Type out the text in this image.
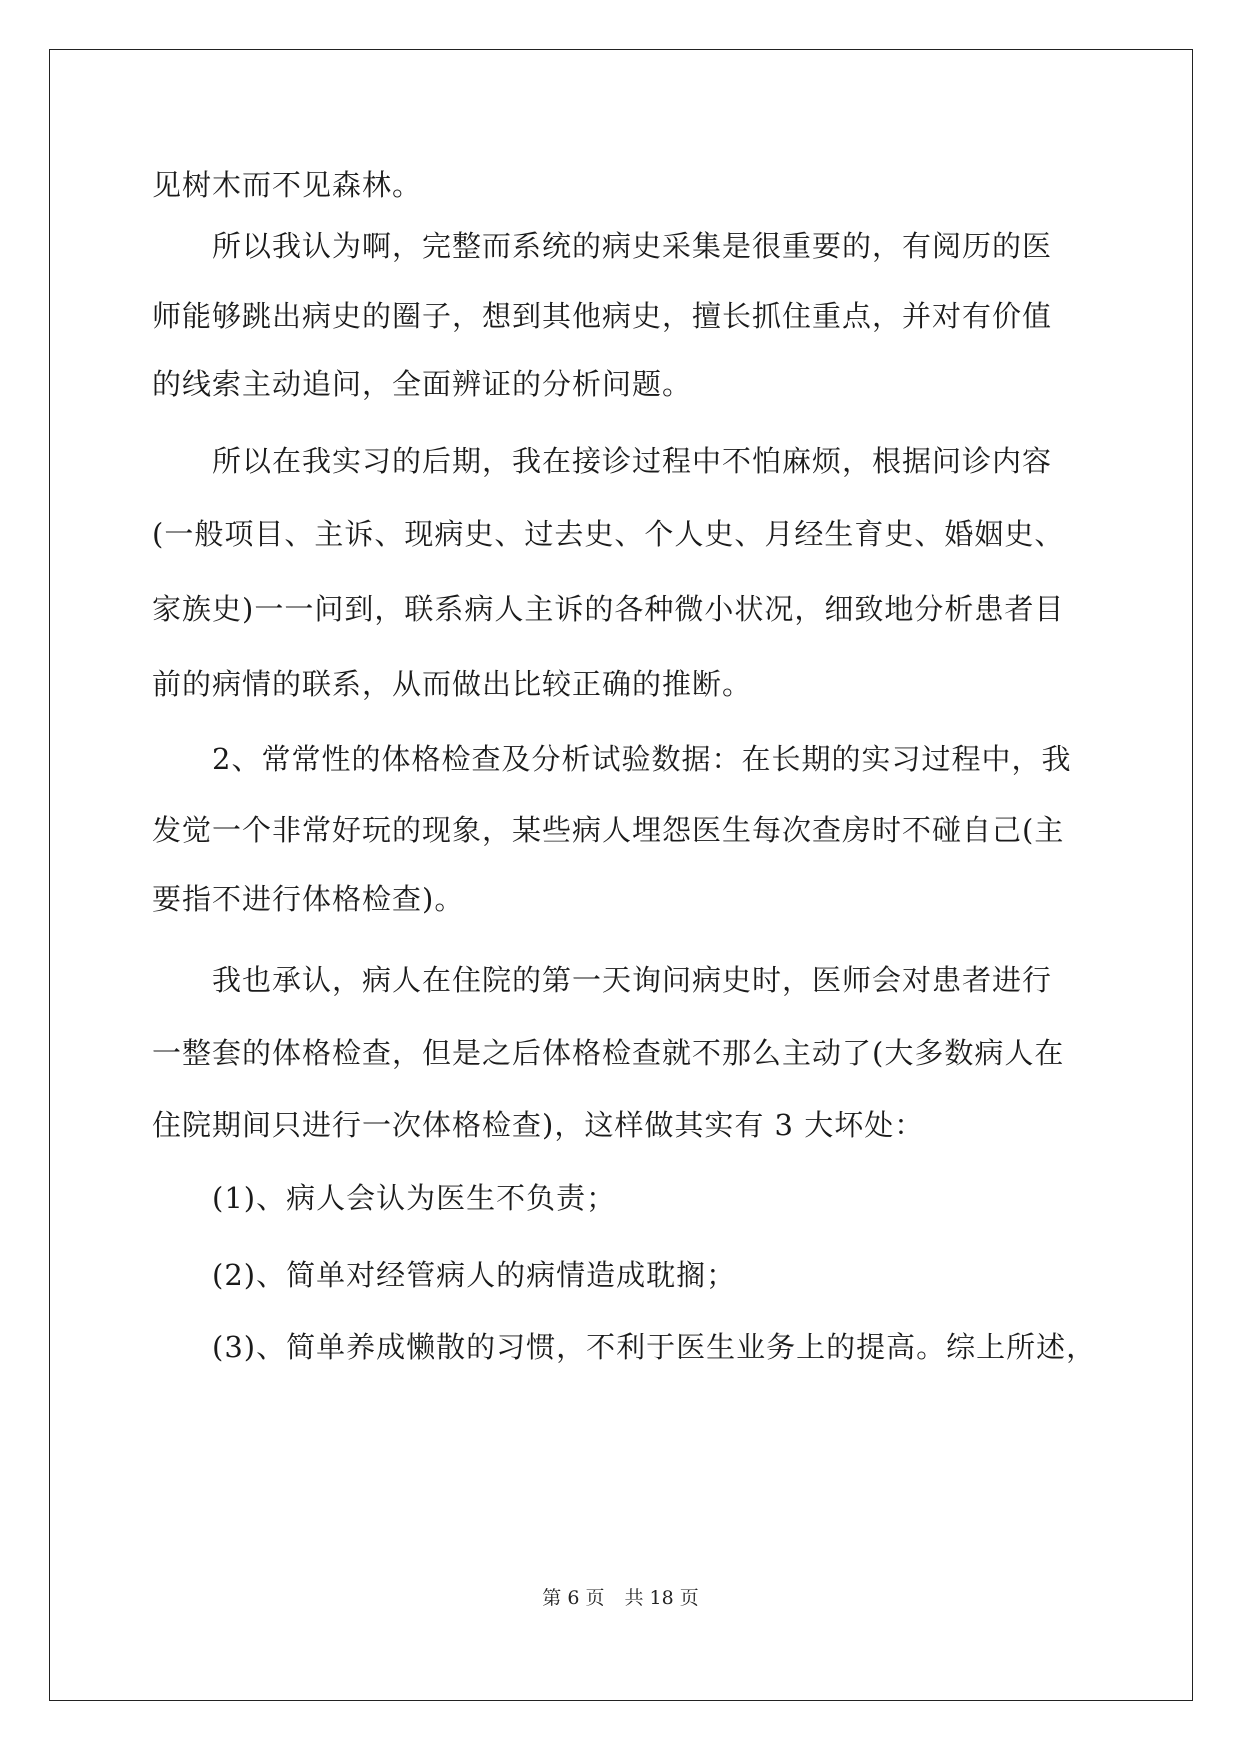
见树木而不见森林。
所以我认为啊，完整而系统的病史采集是很重要的，有阅历的医
师能够跳出病史的圈子，想到其他病史，擅长抓住重点，并对有价值
的线索主动追问，全面辨证的分析问题。
所以在我实习的后期，我在接诊过程中不怕麻烦，根据问诊内容
(一般项目、主诉、现病史、过去史、个人史、月经生育史、婚姻史、
家族史)一一问到，联系病人主诉的各种微小状况，细致地分析患者目
前的病情的联系，从而做出比较正确的推断。
2、常常性的体格检查及分析试验数据：在长期的实习过程中，我
发觉一个非常好玩的现象，某些病人埋怨医生每次查房时不碰自己(主
要指不进行体格检查)。
我也承认，病人在住院的第一天询问病史时，医师会对患者进行
一整套的体格检查，但是之后体格检查就不那么主动了(大多数病人在
住院期间只进行一次体格检查)，这样做其实有 3 大坏处：
(1)、病人会认为医生不负责；
(2)、简单对经管病人的病情造成耽搁；
(3)、简单养成懒散的习惯，不利于医生业务上的提高。综上所述，
第 6 页 共 18 页
